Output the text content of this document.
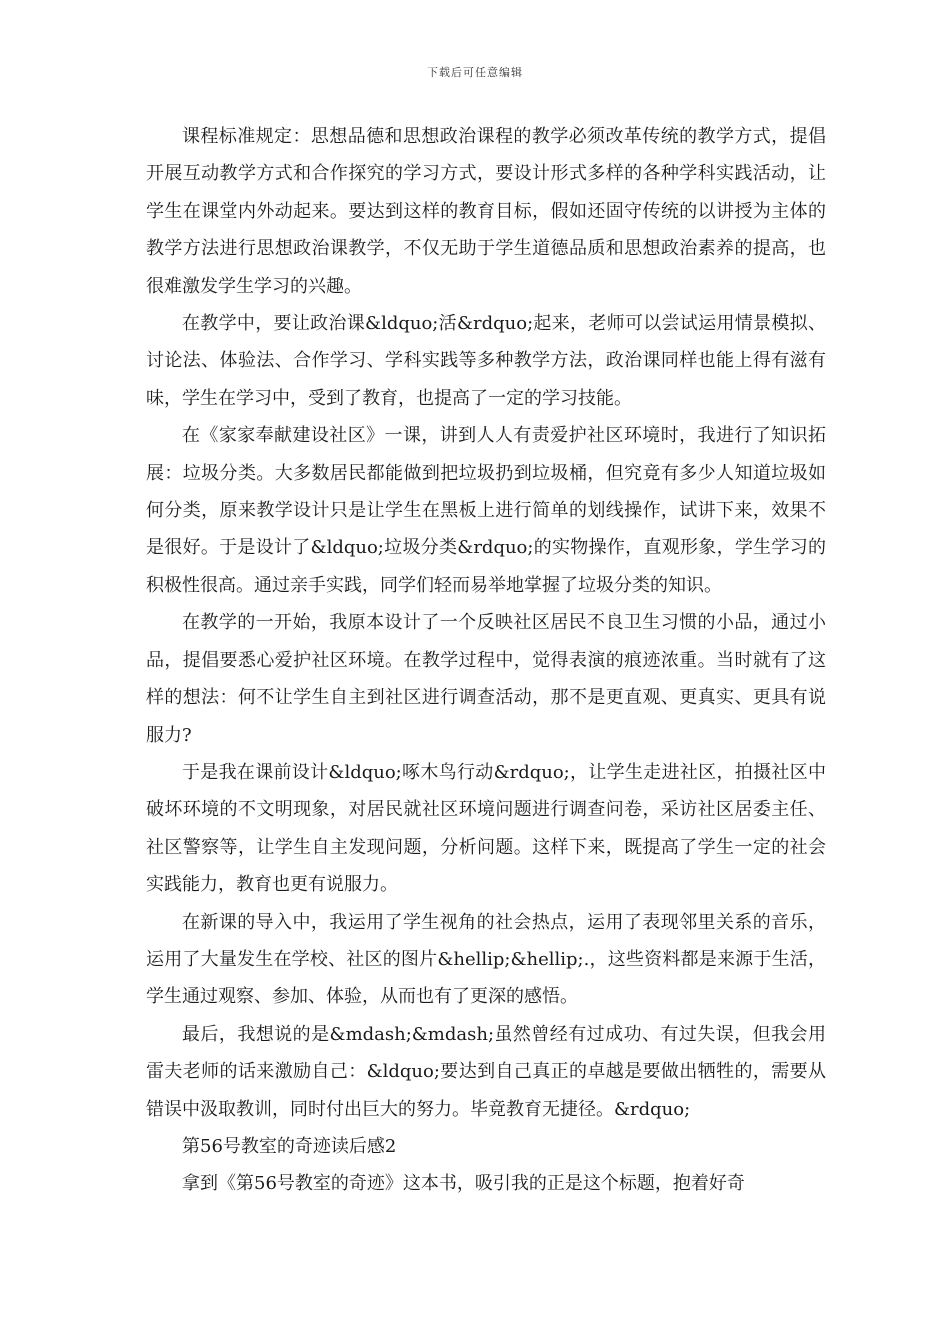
下载后可任意编辑

课程标准规定：思想品德和思想政治课程的教学必须改革传统的教学方式，提倡开展互动教学方式和合作探究的学习方式，要设计形式多样的各种学科实践活动，让学生在课堂内外动起来。要达到这样的教育目标，假如还固守传统的以讲授为主体的教学方法进行思想政治课教学，不仅无助于学生道德品质和思想政治素养的提高，也很难激发学生学习的兴趣。

在教学中，要让政治课&ldquo;活&rdquo;起来，老师可以尝试运用情景模拟、讨论法、体验法、合作学习、学科实践等多种教学方法，政治课同样也能上得有滋有味，学生在学习中，受到了教育，也提高了一定的学习技能。

在《家家奉献建设社区》一课，讲到人人有责爱护社区环境时，我进行了知识拓展：垃圾分类。大多数居民都能做到把垃圾扔到垃圾桶，但究竟有多少人知道垃圾如何分类，原来教学设计只是让学生在黑板上进行简单的划线操作，试讲下来，效果不是很好。于是设计了&ldquo;垃圾分类&rdquo;的实物操作，直观形象，学生学习的积极性很高。通过亲手实践，同学们轻而易举地掌握了垃圾分类的知识。

在教学的一开始，我原本设计了一个反映社区居民不良卫生习惯的小品，通过小品，提倡要悉心爱护社区环境。在教学过程中，觉得表演的痕迹浓重。当时就有了这样的想法：何不让学生自主到社区进行调查活动，那不是更直观、更真实、更具有说服力?

于是我在课前设计&ldquo;啄木鸟行动&rdquo;，让学生走进社区，拍摄社区中破坏环境的不文明现象，对居民就社区环境问题进行调查问卷，采访社区居委主任、社区警察等，让学生自主发现问题，分析问题。这样下来，既提高了学生一定的社会实践能力，教育也更有说服力。

在新课的导入中，我运用了学生视角的社会热点，运用了表现邻里关系的音乐，运用了大量发生在学校、社区的图片&hellip;&hellip;.，这些资料都是来源于生活，学生通过观察、参加、体验，从而也有了更深的感悟。

最后，我想说的是&mdash;&mdash;虽然曾经有过成功、有过失误，但我会用雷夫老师的话来激励自己：&ldquo;要达到自己真正的卓越是要做出牺牲的，需要从错误中汲取教训，同时付出巨大的努力。毕竟教育无捷径。&rdquo;

第56号教室的奇迹读后感2

拿到《第56号教室的奇迹》这本书，吸引我的正是这个标题，抱着好奇
